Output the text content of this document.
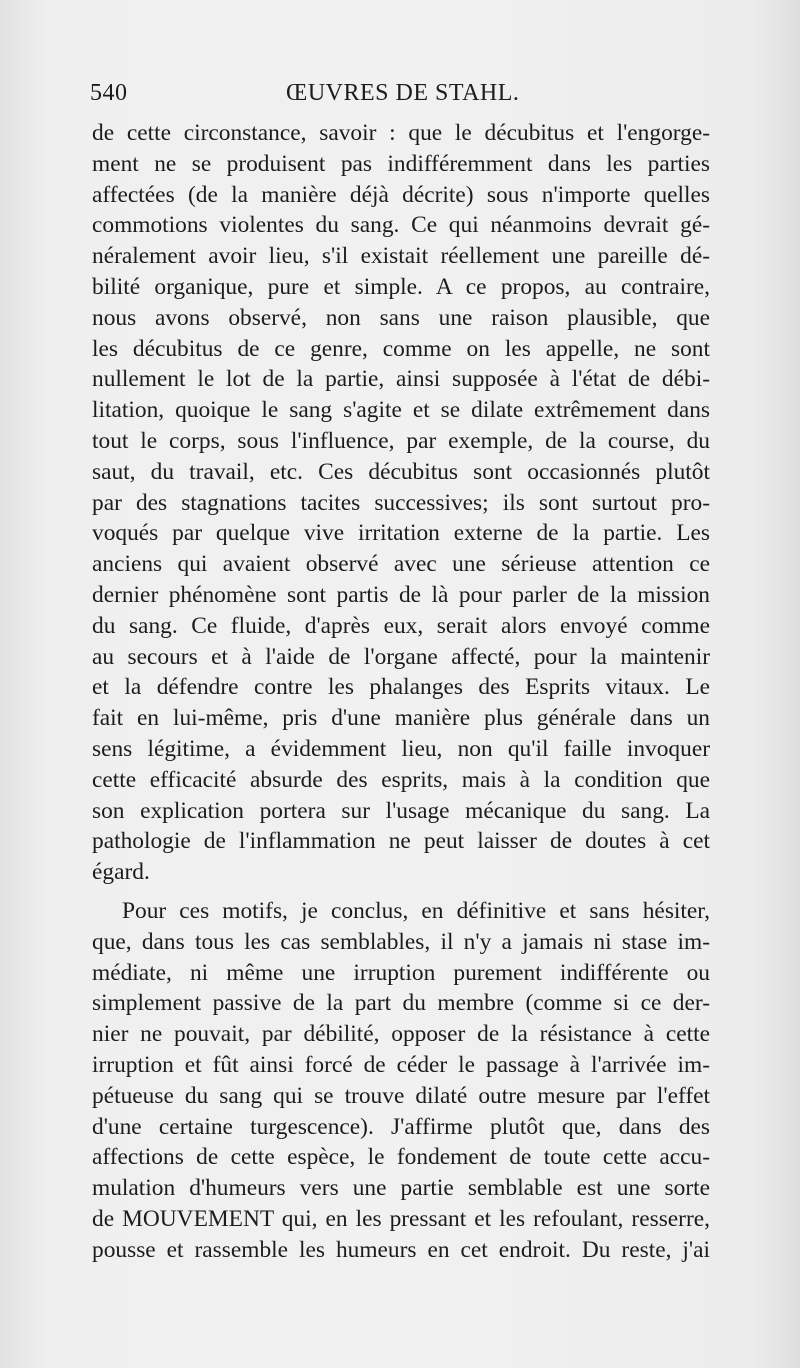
540	ŒUVRES DE STAHL.
de cette circonstance, savoir : que le décubitus et l'engorge-
ment ne se produisent pas indifféremment dans les parties
affectées (de la manière déjà décrite) sous n'importe quelles
commotions violentes du sang. Ce qui néanmoins devrait gé-
néralement avoir lieu, s'il existait réellement une pareille dé-
bilité organique, pure et simple. A ce propos, au contraire,
nous avons observé, non sans une raison plausible, que
les décubitus de ce genre, comme on les appelle, ne sont
nullement le lot de la partie, ainsi supposée à l'état de débi-
litation, quoique le sang s'agite et se dilate extrêmement dans
tout le corps, sous l'influence, par exemple, de la course, du
saut, du travail, etc. Ces décubitus sont occasionnés plutôt
par des stagnations tacites successives; ils sont surtout pro-
voqués par quelque vive irritation externe de la partie. Les
anciens qui avaient observé avec une sérieuse attention ce
dernier phénomène sont partis de là pour parler de la mission
du sang. Ce fluide, d'après eux, serait alors envoyé comme
au secours et à l'aide de l'organe affecté, pour la maintenir
et la défendre contre les phalanges des Esprits vitaux. Le
fait en lui-même, pris d'une manière plus générale dans un
sens légitime, a évidemment lieu, non qu'il faille invoquer
cette efficacité absurde des esprits, mais à la condition que
son explication portera sur l'usage mécanique du sang. La
pathologie de l'inflammation ne peut laisser de doutes à cet
égard.
Pour ces motifs, je conclus, en définitive et sans hésiter,
que, dans tous les cas semblables, il n'y a jamais ni stase im-
médiate, ni même une irruption purement indifférente ou
simplement passive de la part du membre (comme si ce der-
nier ne pouvait, par débilité, opposer de la résistance à cette
irruption et fût ainsi forcé de céder le passage à l'arrivée im-
pétueuse du sang qui se trouve dilaté outre mesure par l'effet
d'une certaine turgescence). J'affirme plutôt que, dans des
affections de cette espèce, le fondement de toute cette accu-
mulation d'humeurs vers une partie semblable est une sorte
de MOUVEMENT qui, en les pressant et les refoulant, resserre,
pousse et rassemble les humeurs en cet endroit. Du reste, j'ai
